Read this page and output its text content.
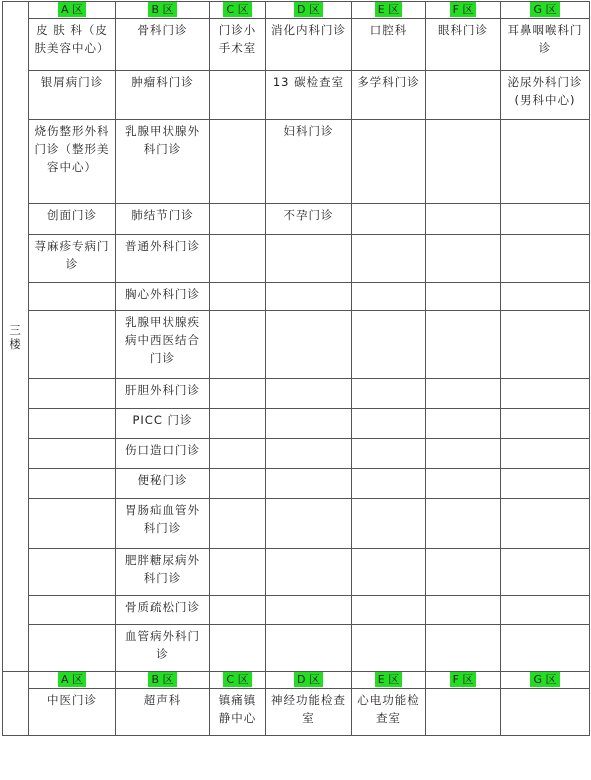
三楼	A 区	B 区	C 区	D 区	E 区	F 区	G 区
	皮 肤 科（皮肤美容中心）	骨科门诊	门诊小手术室	消化内科门诊	口腔科	眼科门诊	耳鼻咽喉科门诊
	银屑病门诊	肿瘤科门诊		13 碳检查室	多学科门诊		泌尿外科门诊(男科中心)
	烧伤整形外科门诊（整形美容中心）	乳腺甲状腺外科门诊		妇科门诊			
	创面门诊	肺结节门诊		不孕门诊			
	荨麻疹专病门诊	普通外科门诊					
		胸心外科门诊					
		乳腺甲状腺疾病中西医结合门诊					
		肝胆外科门诊					
		PICC 门诊					
		伤口造口门诊					
		便秘门诊					
		胃肠疝血管外科门诊					
		肥胖糖尿病外科门诊					
		骨质疏松门诊					
		血管病外科门诊					
	A 区	B 区	C 区	D 区	E 区	F 区	G 区
	中医门诊	超声科	镇痛镇静中心	神经功能检查室	心电功能检查室		
